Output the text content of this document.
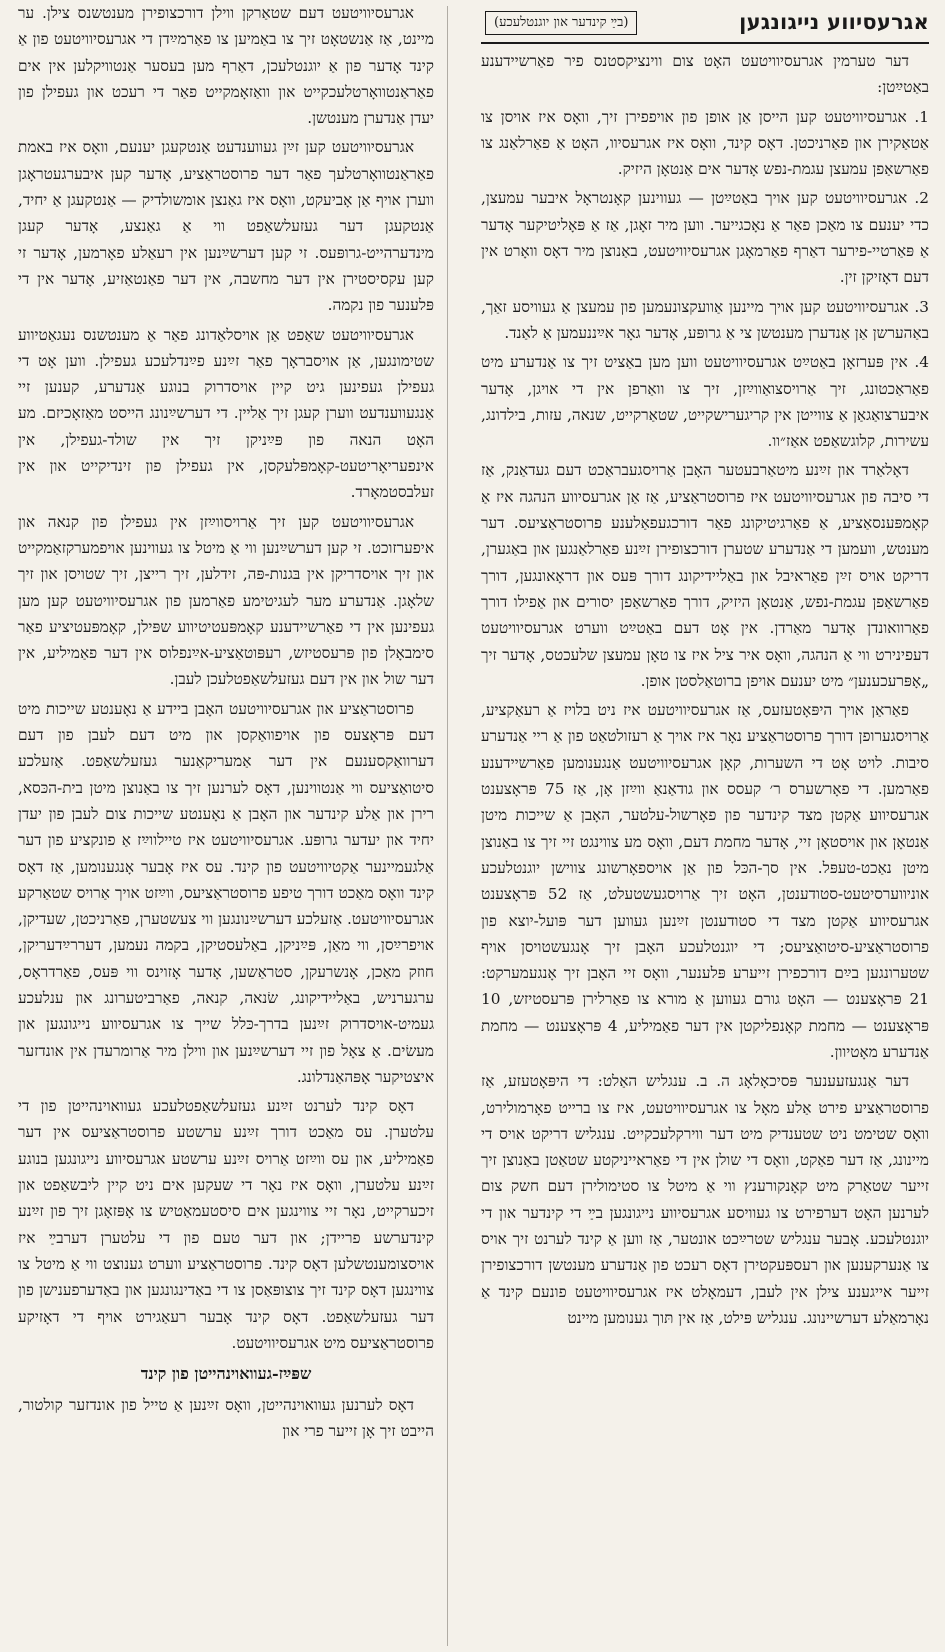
אגרעסיווע נייגונגען
(בײַ קינדער און יוגנטלעכע)

דער טערמין אגרעסיוויטעט האָט צום ווינציקסטנס פיר פאַרשיידענע באַטײַטן:

1. אגרעסיוויטעט קען הייסן אַן אופן פון אויפפירן זיך, וואָס איז אויסן צו אַטאַקירן און פאַרניכטן. דאָס קינד, וואָס איז אגרעסיוו, האָט אַ פאַרלאַנג צו פאַרשאַפן עמעצן עגמת-נפש אָדער אים אַנטאָן היזיק.

2. אגרעסיוויטעט קען אויך באַטײַטן — געווינען קאָנטראָל איבער עמעצן, כדי יענעם צו מאַכן פאַר אַ נאָכגייער. ווען מיר זאָגן, אַז אַ פּאָליטיקער אָדער אַ פּאַרטיי-פירער דאַרף פאַרמאָגן אגרעסיוויטעט, באַנוצן מיר דאָס וואָרט אין דעם דאָזיקן זין.

3. אגרעסיוויטעט קען אויך מיינען אַוועקצונעמען פון עמעצן אַ געוויסע זאַך, באַהערשן אַן אַנדערן מענטשן צי אַ גרופּע, אָדער גאָר אײַננעמען אַ לאַנד.

4. אין פּערזאָן באַטײַט אגרעסיוויטעט ווען מען באַציט זיך צו אַנדערע מיט פאַראַכטונג, זיך אַרויסצואַווײַזן, זיך צו וואַרפן אין די אויגן, אָדער איבערצואַגאַן אַ צווייטן אין קריגערישקייט, שטאַרקייט, שנאה, עזות, בילדונג, עשירות, קלוגשאַפט אאַז״וו.

דאָלאַרד און זײַנע מיטאַרבעטער האָבן אַרויסגעבראַכט דעם געדאַנק, אַז די סיבה פון אגרעסיוויטעט איז פרוסטראַציע, אַז אַן אגרעסיווע הנהגה איז אַ קאָמפּענסאַציע, אַ פאַרגיטיקונג פאַר דורכגעפאַלענע פרוסטראַציעס. דער מענטש, וועמען די אַנדערע שטערן דורכצופירן זײַנע פאַרלאַנגען און באַגערן, דריקט אויס זײַן פאַראיבל און באַליידיקונג דורך פּעס און דראָאונגען, דורך פאַרשאַפן עגמת-נפש, אַנטאָן היזיק, דורך פאַרשאַפן יסורים און אַפילו דורך פאַרוואונדן אָדער מאַרדן. אין אָט דעם באַטײַט ווערט אגרעסיוויטעט דעפינירט ווי אַ הנהגה, וואָס איר ציל איז צו טאָן עמעצן שלעכטס, אָדער זיך „אָפּרעכענען״ מיט יענעם אויפן ברוטאַלסטן אופן.

פאַראַן אויך היפּאָטעזעס, אַז אגרעסיוויטעט איז ניט בלויז אַ רעאַקציע, אַרויסגערופן דורך פרוסטראַציע נאָר איז אויך אַ רעזולטאַט פון אַ ריי אַנדערע סיבות. לויט אָט די השערות, קאָן אגרעסיוויטעט אַנגענומען פאַרשיידענע פאַרמען. די פאָרשערס ר׳ קעסס און גודאַנאַ ווײַזן אָן, אַז 75 פּראָצענט אגרעסיווע אַקטן מצד קינדער פון פאָרשול-עלטער, האָבן אַ שייכות מיטן אַנטאָן און אויסטאָן זיי, אָדער מחמת דעם, וואָס מע צווינגט זיי זיך צו באַנוצן מיטן נאַכט-טעפּל. אין סך-הכּל פון אַן אויספאָרשונג צווישן יוגנטלעכע אוניווערסיטעט-סטודענטן, האָט זיך אַרויסגעשטעלט, אַז 52 פּראָצענט אגרעסיווע אַקטן מצד די סטודענטן זײַנען געווען דער פּועל-יוצא פון פרוסטראַציע-סיטואַציעס; די יוגנטלעכע האָבן זיך אָנגעשטויסן אויף שטערונגען בײַם דורכפירן זייערע פּלענער, וואָס זיי האָבן זיך אָנגעמערקט: 21 פּראָצענט — האָט גורם געווען אַ מורא צו פאַרלירן פּרעסטיזש, 10 פּראָצענט — מחמת קאָנפליקטן אין דער פאַמיליע, 4 פּראָצענט — מחמת אַנדערע מאָטיוון.

דער אַנגעזעענער פּסיכאָלאָג ה. ב. ענגליש האַלט: די היפּאָטעזע, אַז פרוסטראַציע פירט אַלע מאָל צו אגרעסיוויטעט, איז צו ברייט פאָרמולירט, וואָס שטימט ניט שטענדיק מיט דער ווירקלעכקייט. ענגליש דריקט אויס די מיינונג, אַז דער פאַקט, וואָס די שולן אין די פאַראייניקטע שטאַטן באַנוצן זיך זייער שטאַרק מיט קאָנקורענץ ווי אַ מיטל צו סטימולירן דעם חשק צום לערנען האָט דערפירט צו געוויסע אגרעסיווע נייגונגען בײַ די קינדער און די יוגנטלעכע. אָבער ענגליש שטרײַכט אונטער, אַז ווען אַ קינד לערנט זיך אויס צו אַנערקענען און רעספּעקטירן דאָס רעכט פון אַנדערע מענטשן דורכצופירן זייער אייגענע צילן אין לעבן, דעמאָלט איז אגרעסיוויטעט פונעם קינד אַ נאָרמאַלע דערשיינונג. ענגליש פּילט, אַז אין תּוך גענומען מיינט

אגרעסיוויטעט דעם שטאַרקן ווילן דורכצופירן מענטשנס צילן. ער מיינט, אַז אַנשטאָט זיך צו באַמיען צו פאַרמײַדן די אגרעסיוויטעט פון אַ קינד אָדער פון אַ יוגנטלעכן, דאַרף מען בעסער אַנטוויקלען אין אים פאַראַנטוואָרטלעכקייט און וואַזאָמקייט פאַר די רעכט און געפילן פון יעדן אַנדערן מענטשן.

אגרעסיוויטעט קען זײַן געווענדעט אַנטקעגן יענעם, וואָס איז באמת פאַראַנטוואָרטלעך פאַר דער פרוסטראַציע, אָדער קען איבערגעטראָגן ווערן אויף אַן אָביעקט, וואָס איז גאַנצן אומשולדיק — אַנטקעגן אַ יחיד, אַנטקעגן דער געזעלשאַפט ווי אַ גאַנצע, אָדער קעגן מינדערהייט-גרופּעס. זי קען דערשײַנען אין רעאַלע פאָרמען, אָדער זי קען עקסיסטירן אין דער מחשבה, אין דער פאַנטאַזיע, אָדער אין די פּלענער פון נקמה.

אגרעסיוויטעט שאַפט אַן אויסלאַדונג פאַר אַ מענטשנס נעגאַטיווע שטימונגען, אַן אויסבראָך פאַר זײַנע פײַנדלעכע געפילן. ווען אָט די געפילן געפינען גיט קיין אויסדרוק בנוגע אַנדערע, קענען זיי אַנגעווענדעט ווערן קעגן זיך אַליין. די דערשײַנונג הייסט מאַזאָכיזם. מע האָט הנאה פון פּײַניקן זיך אין שולד-געפילן, אין אינפעריאָריטעט-קאָמפּלעקסן, אין געפילן פון זינדיקייט און אין זעלבסטמאָרד.

אגרעסיוויטעט קען זיך אַרויסווײַזן אין געפילן פון קנאה און איפערזוכט. זי קען דערשײַנען ווי אַ מיטל צו געווינען אויפמערקזאַמקייט און זיך אויסדריקן אין בּגנות-פּה, זידלען, זיך רייצן, זיך שטויסן און זיך שלאָגן. אַנדערע מער לעגיטימע פאַרמען פון אגרעסיוויטעט קען מען געפינען אין די פאַרשיידענע קאָמפּעטיטיווע שפּילן, קאָמפּעטיציע פאַר סימבאָלן פון פּרעסטיזש, רעפּוטאַציע-אײַנפלוס אין דער פאַמיליע, אין דער שול און אין דעם געזעלשאַפטלעכן לעבן.

פרוסטראַציע און אגרעסיוויטעט האָבן ביידע אַ נאָענטע שייכות מיט דעם פּראָצעס פון אויפוואַקסן און מיט דעם לעבן פון דעם דערוואַקסענעם אין דער אַמעריקאַנער געזעלשאַפט. אַזעלכע סיטואַציעס ווי אַנטווינען, דאָס לערנען זיך צו באַנוצן מיטן בית-הכּסא, רירן און אַלע קינדער און האָבן אַ נאָענטע שייכות צום לעבן פון יעדן יחיד און יעדער גרופּע. אגרעסיוויטעט איז טיילווײַז אַ פונקציע פון דער אַלגעמיינער אַקטיוויטעט פון קינד. עס איז אָבער אָנגענומען, אַז דאָס קינד וואָס מאַכט דורך טיפע פרוסטראַציעס, ווײַזט אויך אַרויס שטאַרקע אגרעסיוויטעט. אַזעלכע דערשײַנונגען ווי צעשטערן, פאַרניכטן, שעדיקן, אויפרײַסן, ווי מאַן, פּײַניקן, באַלעסטיקן, בקמה נעמען, דעררײַדעריקן, חוזק מאַכן, אָנשרעקן, סטראַשען, אָדער אָזוינס ווי פּעס, פאַרדראָס, ערגערניש, באַליידיקונג, שׂנאה, קנאה, פאַרביטערונג און ענלעכע געמיט-אויסדרוק זײַנען בדרך-כּלל שייך צו אגרעסיווע נייגונגען און מעשׂים. אַ צאָל פון זיי דערשײַנען און ווילן מיר אַרומרעדן אין אונדזער איצטיקער אָפּהאַנדלונג.

דאָס קינד לערנט זײַנע געזעלשאַפטלעכע געוואוינהייטן פון די עלטערן. עס מאַכט דורך זײַנע ערשטע פרוסטראַציעס אין דער פאַמיליע, און עס ווײַזט אַרויס זײַנע ערשטע אגרעסיווע נייגונגען בנוגע זײַנע עלטערן, וואָס איז נאָר די שעקען אים ניט קיין ליבשאַפט און זיכערקייט, נאָר זיי צווינגען אים סיסטעמאַטיש צו אָפּזאָגן זיך פון זײַנע קינדערשע פריידן; און דער טעם פון די עלטערן דערבײַ איז אויסצומענטשלען דאָס קינד. פרוסטראַציע ווערט גענוצט ווי אַ מיטל צו צווינגען דאָס קינד זיך צוצופּאַסן צו די באַדינגונגען און באַדערפענישן פון דער געזעלשאַפט. דאָס קינד אָבער רעאַגירט אויף די דאָזיקע פרוסטראַציעס מיט אגרעסיוויטעט.

שפּײַז-געוואוינהייטן פון קינד

דאָס לערנען געוואוינהייטן, וואָס זײַנען אַ טייל פון אונדזער קולטור, הייבט זיך אָן זייער פרי און
